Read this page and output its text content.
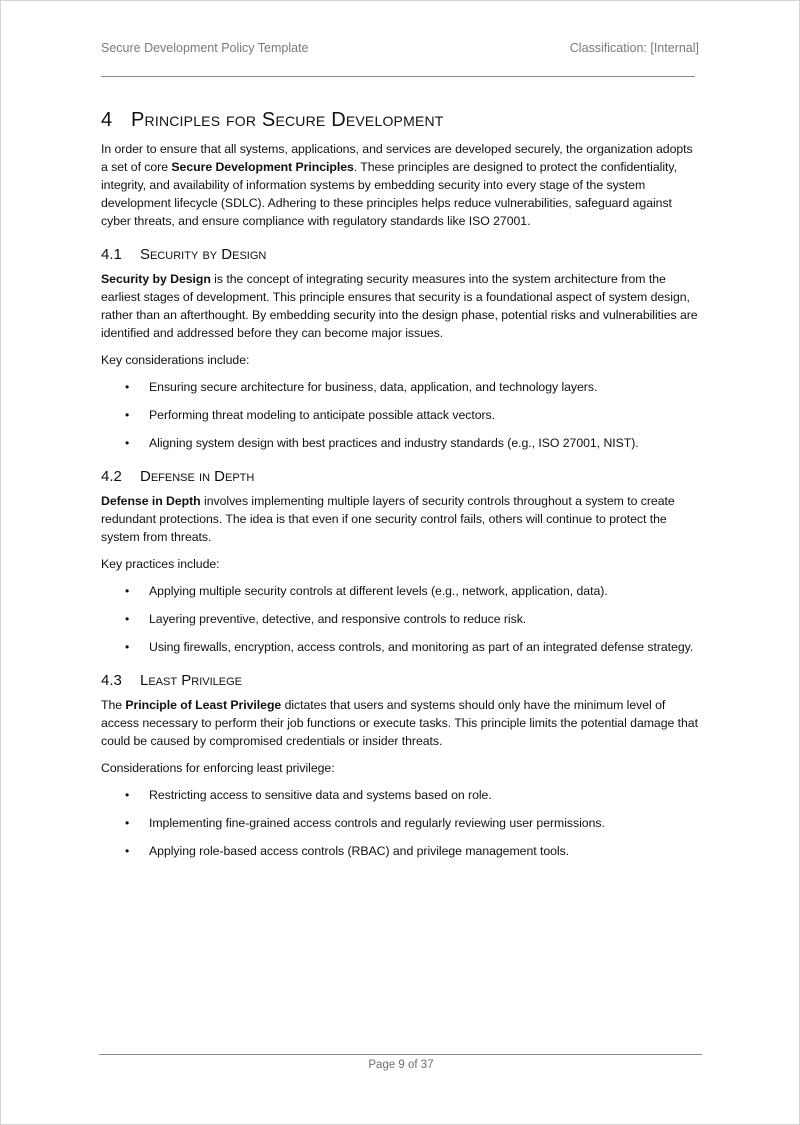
Secure Development Policy Template	Classification: [Internal]
4 Principles for Secure Development

In order to ensure that all systems, applications, and services are developed securely, the organization adopts a set of core Secure Development Principles. These principles are designed to protect the confidentiality, integrity, and availability of information systems by embedding security into every stage of the system development lifecycle (SDLC). Adhering to these principles helps reduce vulnerabilities, safeguard against cyber threats, and ensure compliance with regulatory standards like ISO 27001.

4.1 Security by Design

Security by Design is the concept of integrating security measures into the system architecture from the earliest stages of development. This principle ensures that security is a foundational aspect of system design, rather than an afterthought. By embedding security into the design phase, potential risks and vulnerabilities are identified and addressed before they can become major issues.

Key considerations include:

• Ensuring secure architecture for business, data, application, and technology layers.
• Performing threat modeling to anticipate possible attack vectors.
• Aligning system design with best practices and industry standards (e.g., ISO 27001, NIST).
4.2 Defense in Depth

Defense in Depth involves implementing multiple layers of security controls throughout a system to create redundant protections. The idea is that even if one security control fails, others will continue to protect the system from threats.

Key practices include:

• Applying multiple security controls at different levels (e.g., network, application, data).
• Layering preventive, detective, and responsive controls to reduce risk.
• Using firewalls, encryption, access controls, and monitoring as part of an integrated defense strategy.
4.3 Least Privilege

The Principle of Least Privilege dictates that users and systems should only have the minimum level of access necessary to perform their job functions or execute tasks. This principle limits the potential damage that could be caused by compromised credentials or insider threats.

Considerations for enforcing least privilege:

• Restricting access to sensitive data and systems based on role.
• Implementing fine-grained access controls and regularly reviewing user permissions.
• Applying role-based access controls (RBAC) and privilege management tools.
Page 9 of 37
